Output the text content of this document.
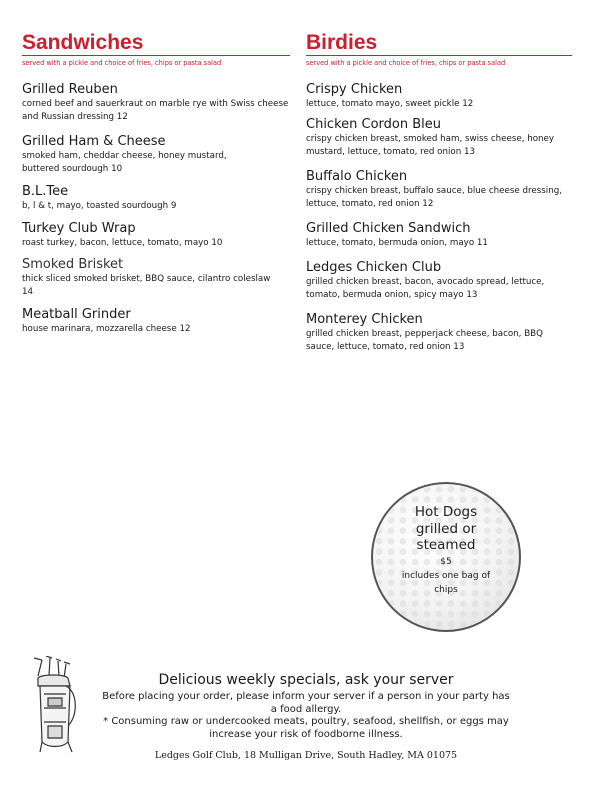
Sandwiches
served with a pickle and choice of fries, chips or pasta salad
Grilled Reuben
corned beef and sauerkraut on marble rye with Swiss cheese and Russian dressing 12
Grilled Ham & Cheese
smoked ham, cheddar cheese, honey mustard, buttered sourdough 10
B.L.Tee
b, l & t, mayo, toasted sourdough 9
Turkey Club Wrap
roast turkey, bacon, lettuce, tomato, mayo 10
Smoked Brisket
thick sliced smoked brisket, BBQ sauce, cilantro coleslaw 14
Meatball Grinder
house marinara, mozzarella cheese 12
Birdies
served with a pickle and choice of fries, chips or pasta salad
Crispy Chicken
lettuce, tomato mayo, sweet pickle 12
Chicken Cordon Bleu
crispy chicken breast, smoked ham, swiss cheese, honey mustard, lettuce, tomato, red onion 13
Buffalo Chicken
crispy chicken breast, buffalo sauce, blue cheese dressing, lettuce, tomato, red onion 12
Grilled Chicken Sandwich
lettuce, tomato, bermuda onion, mayo 11
Ledges Chicken Club
grilled chicken breast, bacon, avocado spread, lettuce, tomato, bermuda onion, spicy mayo 13
Monterey Chicken
grilled chicken breast, pepperjack cheese, bacon, BBQ sauce, lettuce, tomato, red onion 13
Hot Dogs
grilled or
steamed
$5
includes one bag of
chips
Delicious weekly specials, ask your server
Before placing your order, please inform your server if a person in your party has
a food allergy.
* Consuming raw or undercooked meats, poultry, seafood, shellfish, or eggs may
increase your risk of foodborne illness.
Ledges Golf Club, 18 Mulligan Drive, South Hadley, MA 01075
